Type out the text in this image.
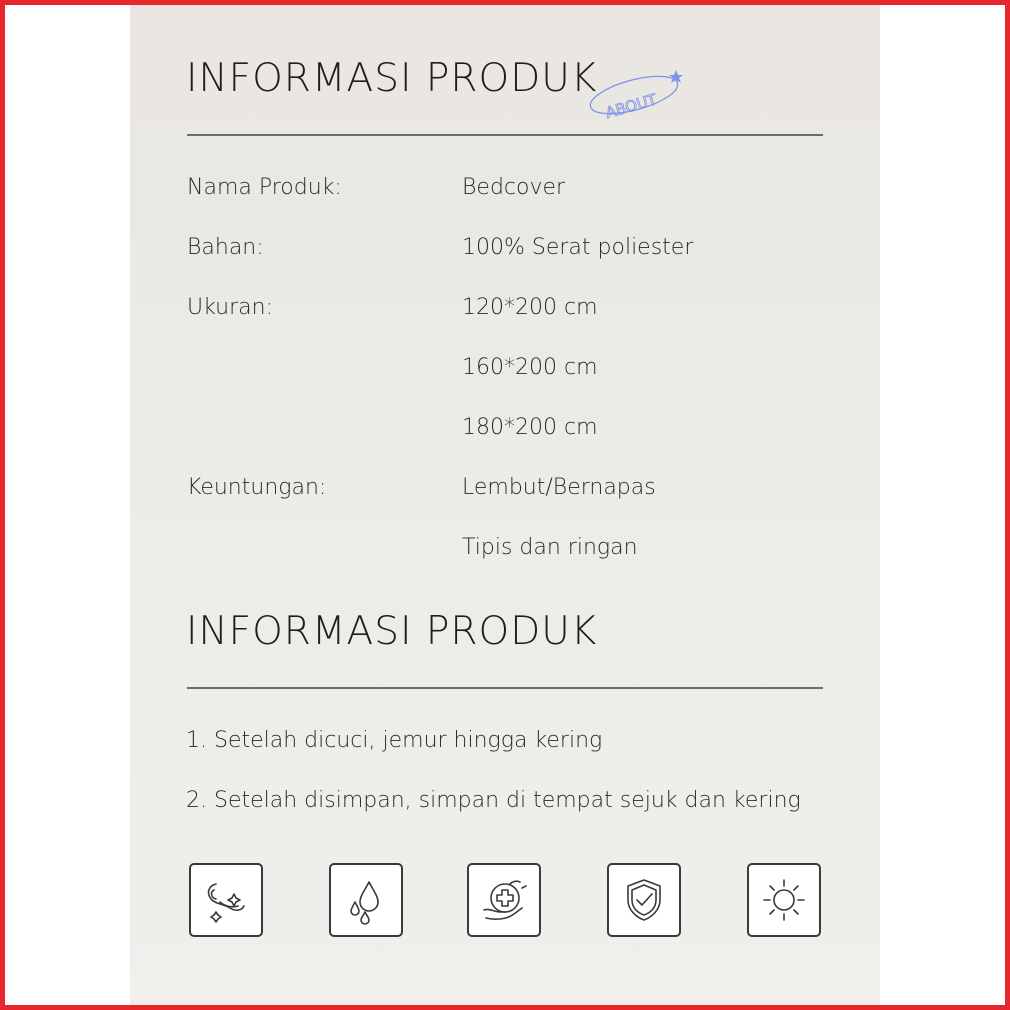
INFORMASI PRODUK
ABOUT
Nama Produk:	Bedcover
Bahan:	100% Serat poliester
Ukuran:	120*200 cm
160*200 cm
180*200 cm
Keuntungan:	Lembut/Bernapas
Tipis dan ringan
INFORMASI PRODUK
1. Setelah dicuci, jemur hingga kering
2. Setelah disimpan, simpan di tempat sejuk dan kering
